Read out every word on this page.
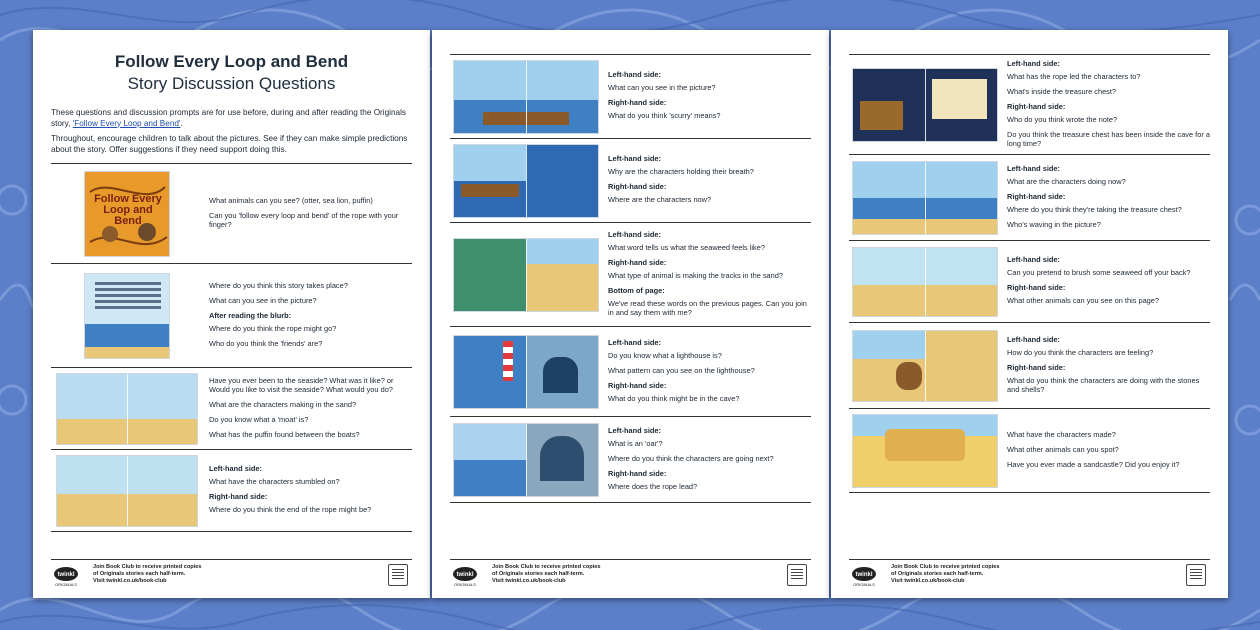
Follow Every Loop and Bend
Story Discussion Questions

These questions and discussion prompts are for use before, during and after reading the Originals story, 'Follow Every Loop and Bend'.

Throughout, encourage children to talk about the pictures. See if they can make simple predictions about the story. Offer suggestions if they need support doing this.

Follow Every Loop and Bend
What animals can you see? (otter, sea lion, puffin)
Can you 'follow every loop and bend' of the rope with your finger?
Where do you think this story takes place?
What can you see in the picture?
After reading the blurb:
Where do you think the rope might go?
Who do you think the 'friends' are?
Have you ever been to the seaside? What was it like? or Would you like to visit the seaside? What would you do?
What are the characters making in the sand?
Do you know what a 'moat' is?
What has the puffin found between the boats?
Left-hand side:
What have the characters stumbled on?
Right-hand side:
Where do you think the end of the rope might be?
twinkl
ORIGINALS
Join Book Club to receive printed copies
of Originals stories each half-term.
Visit twinkl.co.uk/book-club
Left-hand side:
What can you see in the picture?
Right-hand side:
What do you think 'scurry' means?
Left-hand side:
Why are the characters holding their breath?
Right-hand side:
Where are the characters now?
Left-hand side:
What word tells us what the seaweed feels like?
Right-hand side:
What type of animal is making the tracks in the sand?
Bottom of page:
We've read these words on the previous pages. Can you join in and say them with me?
Left-hand side:
Do you know what a lighthouse is?
What pattern can you see on the lighthouse?
Right-hand side:
What do you think might be in the cave?
Left-hand side:
What is an 'oar'?
Where do you think the characters are going next?
Right-hand side:
Where does the rope lead?
twinkl
ORIGINALS
Join Book Club to receive printed copies
of Originals stories each half-term.
Visit twinkl.co.uk/book-club
Left-hand side:
What has the rope led the characters to?
What's inside the treasure chest?
Right-hand side:
Who do you think wrote the note?
Do you think the treasure chest has been inside the cave for a long time?
Left-hand side:
What are the characters doing now?
Right-hand side:
Where do you think they're taking the treasure chest?
Who's waving in the picture?
Left-hand side:
Can you pretend to brush some seaweed off your back?
Right-hand side:
What other animals can you see on this page?
Left-hand side:
How do you think the characters are feeling?
Right-hand side:
What do you think the characters are doing with the stones and shells?
What have the characters made?
What other animals can you spot?
Have you ever made a sandcastle? Did you enjoy it?
twinkl
ORIGINALS
Join Book Club to receive printed copies
of Originals stories each half-term.
Visit twinkl.co.uk/book-club
